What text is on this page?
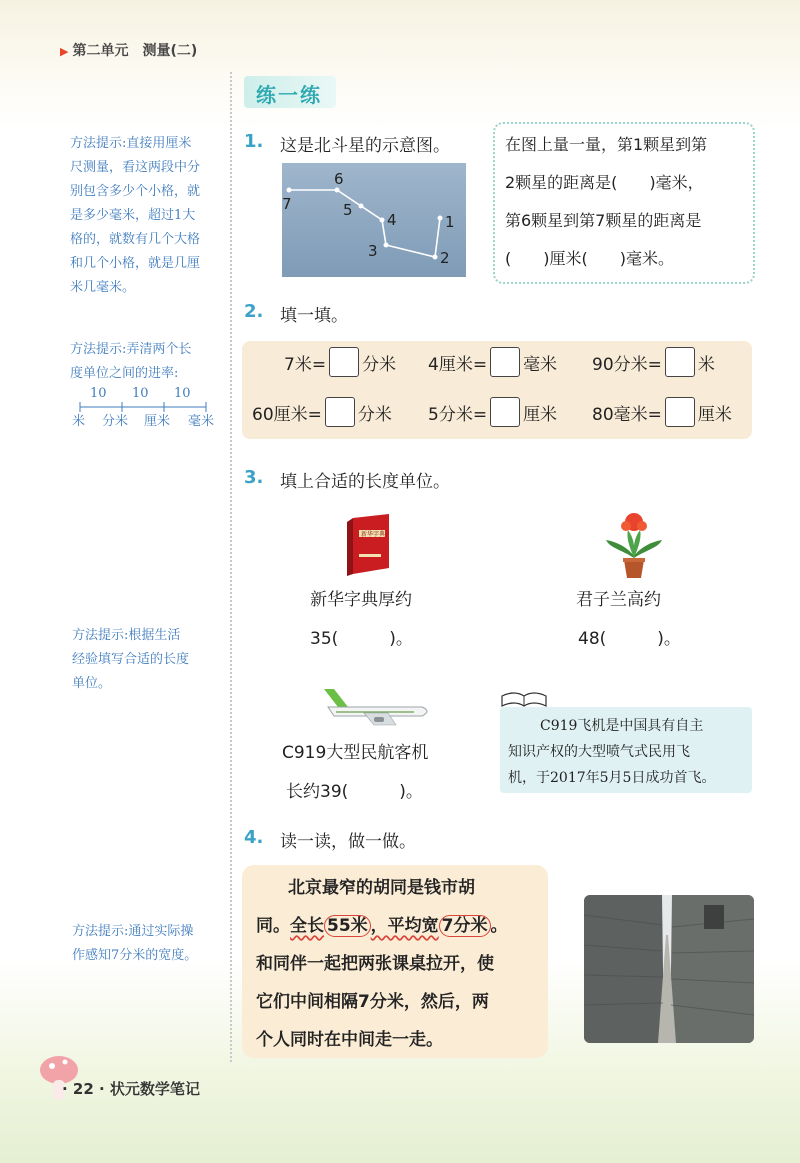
▶ 第二单元　测量(二)
练一练
方法提示:直接用厘米
尺测量，看这两段中分
别包含多少个小格，就
是多少毫米，超过1大
格的，就数有几个大格
和几个小格，就是几厘
米几毫米。
方法提示:弄清两个长
度单位之间的进率:
10 10 10
米 分米 厘米 毫米
方法提示:根据生活
经验填写合适的长度
单位。
方法提示:通过实际操
作感知7分米的宽度。
1. 这是北斗星的示意图。
1
2
3
4
5
6
7
在图上量一量，第1颗星到第
2颗星的距离是(　　)毫米，
第6颗星到第7颗星的距离是
(　　)厘米(　　)毫米。
2. 填一填。
7米= 分米 4厘米= 毫米 90分米= 米
60厘米= 分米 5分米= 厘米 80毫米= 厘米
3. 填上合适的长度单位。
新华字典
新华字典厚约
35(　　　)。
君子兰高约
48(　　　)。
C919大型民航客机
长约39(　　　)。
C919飞机是中国具有自主
知识产权的大型喷气式民用飞
机，于2017年5月5日成功首飞。
4. 读一读，做一做。
北京最窄的胡同是钱市胡
同。全长 55米 ，平均宽 7分米 。
和同伴一起把两张课桌拉开，使
它们中间相隔7分米，然后，两
个人同时在中间走一走。
· 22 · 状元数学笔记
